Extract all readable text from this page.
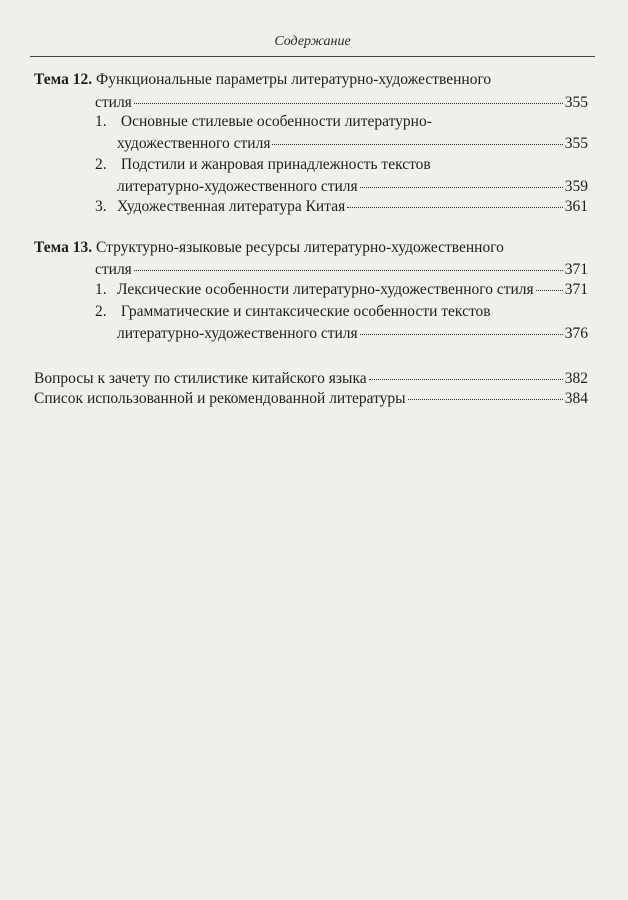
Содержание
Тема 12. Функциональные параметры литературно-художественного
стиля	355
1. Основные стилевые особенности литературно-
художественного стиля	355
2. Подстили и жанровая принадлежность текстов
литературно-художественного стиля	359
3. Художественная литература Китая	361
Тема 13. Структурно-языковые ресурсы литературно-художественного
стиля	371
1. Лексические особенности литературно-художественного стиля 371
2. Грамматические и синтаксические особенности текстов
литературно-художественного стиля	376
Вопросы к зачету по стилистике китайского языка	382
Список использованной и рекомендованной литературы	384
